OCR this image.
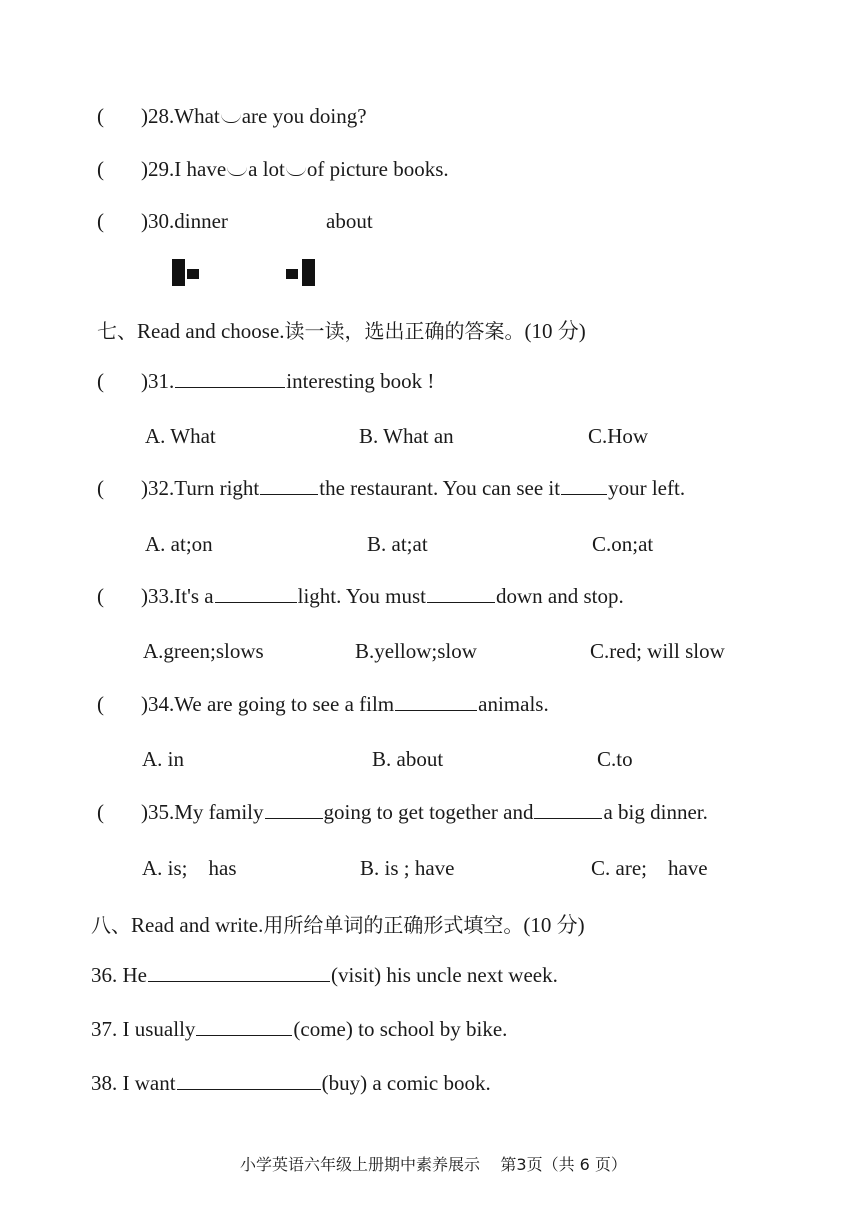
(	)28. What are you doing?
(	)29. I have a lot of picture books.
(	)30. dinner	about
七、Read and choose.读一读，选出正确的答案。(10 分)
(	)31.	interesting book !
A. What	B. What an	C.How
(	)32. Turn right	the restaurant. You can see it your left.
A. at;on	B. at;at	C.on;at
(	)33. It's a	light. You must	down and stop.
A.green;slows	B.yellow;slow	C.red; will slow
(	)34. We are going to see a film	animals.
A. in	B. about	C.to
(	)35. My family	going to get together and	a big dinner.
A. is;    has	B. is ; have	C. are;    have
八、Read and write.用所给单词的正确形式填空。(10 分)
36. He	(visit) his uncle next week.
37. I usually	(come) to school by bike.
38. I want	(buy) a comic book.
小学英语六年级上册期中素养展示    第3页（共 6 页）
